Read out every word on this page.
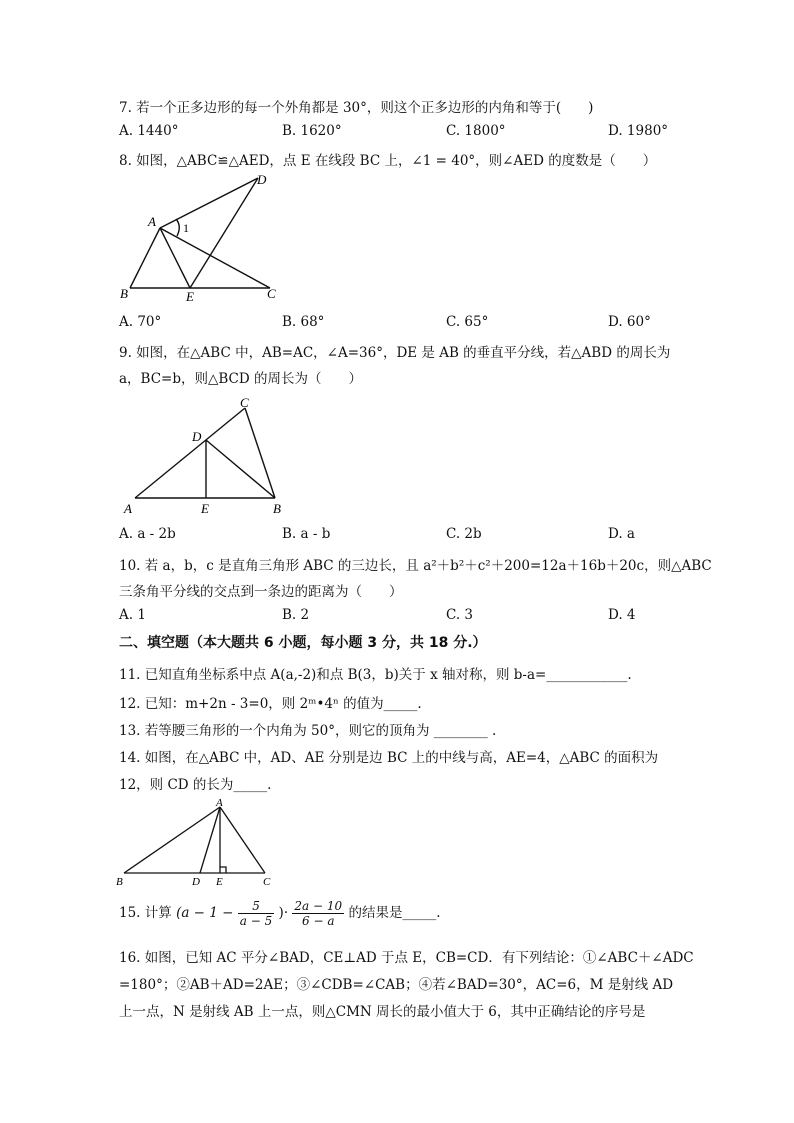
7. 若一个正多边形的每一个外角都是 30°，则这个正多边形的内角和等于(　　)
A. 1440°	B. 1620°	C. 1800°	D. 1980°
8. 如图，△ABC≌△AED，点 E 在线段 BC 上，∠1 = 40°，则∠AED 的度数是（　　）
A
B	C
D
E
1
A. 70°	B. 68°	C. 65°	D. 60°
9. 如图，在△ABC 中，AB=AC，∠A=36°，DE 是 AB 的垂直平分线，若△ABD 的周长为
a，BC=b，则△BCD 的周长为（　　）
A	B
C
D
E
A. a - 2b	B. a - b	C. 2b	D. a
10. 若 a，b，c 是直角三角形 ABC 的三边长，且 a²＋b²＋c²＋200=12a＋16b＋20c，则△ABC
三条角平分线的交点到一条边的距离为（　　）
A. 1	B. 2	C. 3	D. 4
二、填空题（本大题共 6 小题，每小题 3 分，共 18 分.）
11. 已知直角坐标系中点 A(a,-2)和点 B(3，b)关于 x 轴对称，则 b-a=____________.
12. 已知：m+2n - 3=0，则 2ᵐ•4ⁿ 的值为_____.
13. 若等腰三角形的一个内角为 50°，则它的顶角为 ________ .
14. 如图，在△ABC 中，AD、AE 分别是边 BC 上的中线与高，AE=4，△ABC 的面积为
12，则 CD 的长为_____.
B	C
A
D E
15. 计算 ($a - 1 - \frac{5}{a - 5}$ )· $\frac{2a - 10}{6 - a}$ 的结果是_____.
16. 如图，已知 AC 平分∠BAD，CE⊥AD 于点 E，CB=CD．有下列结论：①∠ABC＋∠ADC
=180°；②AB＋AD=2AE；③∠CDB=∠CAB；④若∠BAD=30°，AC=6，M 是射线 AD
上一点，N 是射线 AB 上一点，则△CMN 周长的最小值大于 6，其中正确结论的序号是
